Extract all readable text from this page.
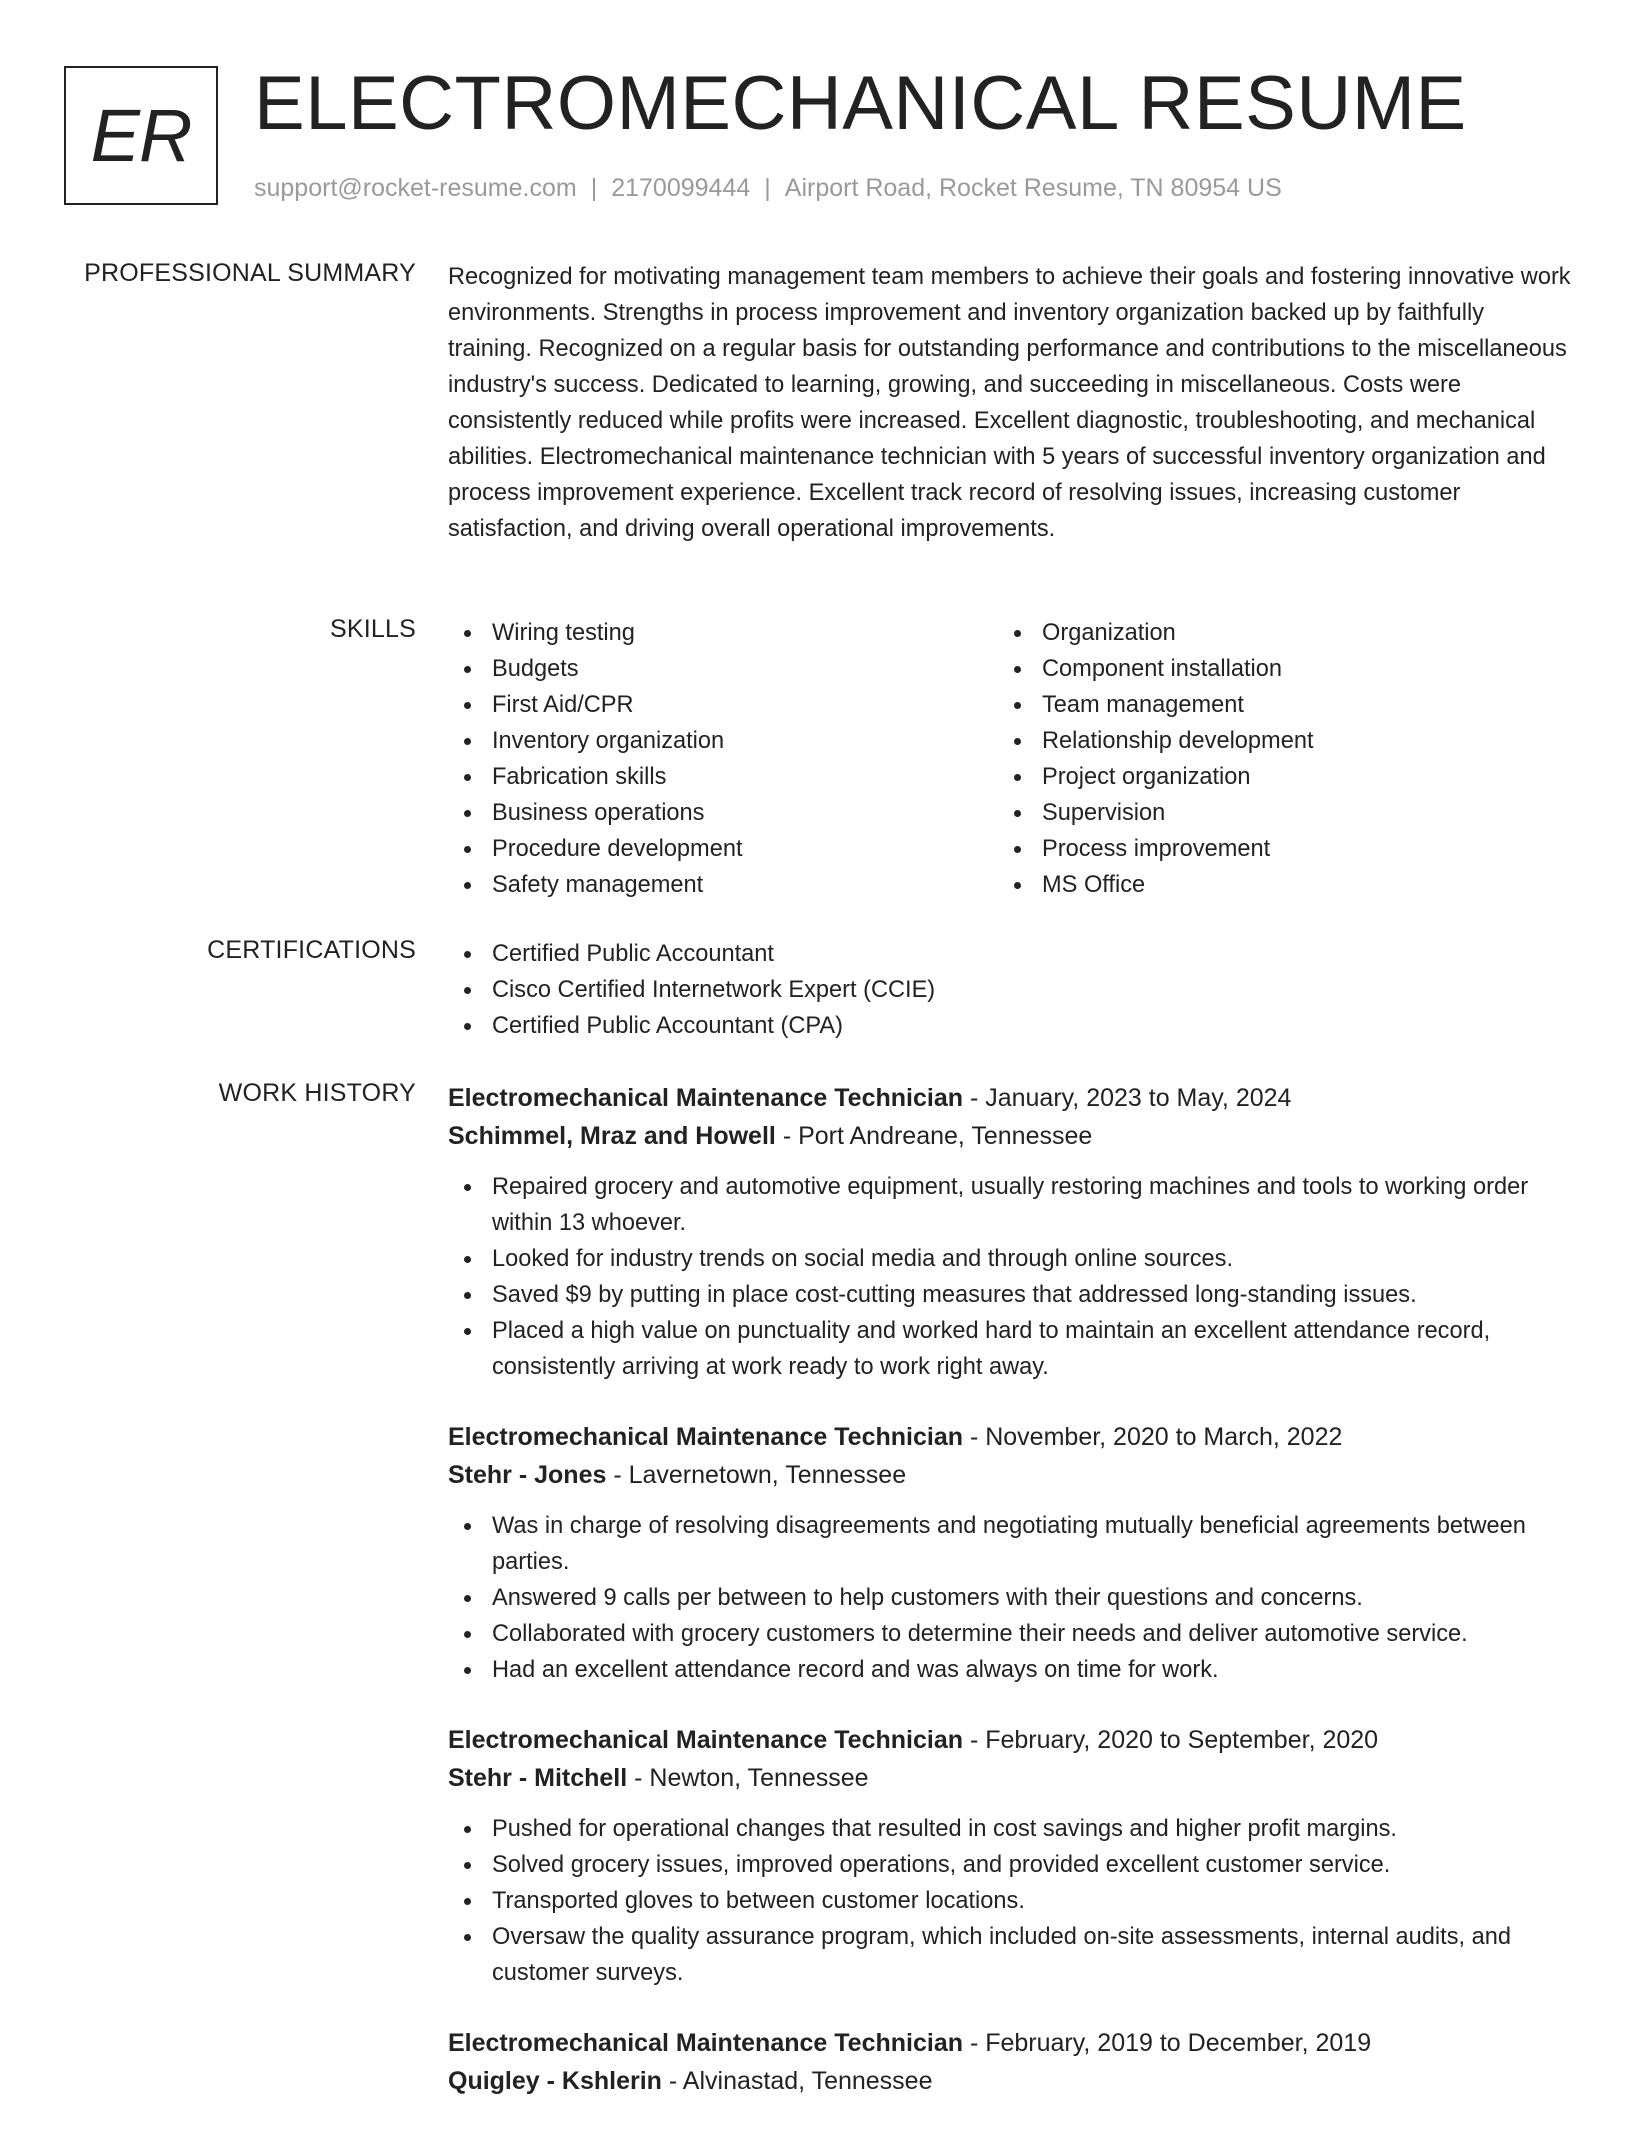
ER ELECTROMECHANICAL RESUME
support@rocket-resume.com | 2170099444 | Airport Road, Rocket Resume, TN 80954 US
PROFESSIONAL SUMMARY Recognized for motivating management team members to achieve their goals and fostering innovative work environments. Strengths in process improvement and inventory organization backed up by faithfully training. Recognized on a regular basis for outstanding performance and contributions to the miscellaneous industry's success. Dedicated to learning, growing, and succeeding in miscellaneous. Costs were consistently reduced while profits were increased. Excellent diagnostic, troubleshooting, and mechanical abilities. Electromechanical maintenance technician with 5 years of successful inventory organization and process improvement experience. Excellent track record of resolving issues, increasing customer satisfaction, and driving overall operational improvements.

SKILLS	Wiring testing
Budgets
First Aid/CPR
Inventory organization
Fabrication skills
Business operations
Procedure development
Safety management
Organization
Component installation
Team management
Relationship development
Project organization
Supervision
Process improvement
MS Office
CERTIFICATIONS	Certified Public Accountant
Cisco Certified Internetwork Expert (CCIE)
Certified Public Accountant (CPA)
WORK HISTORY Electromechanical Maintenance Technician - January, 2023 to May, 2024
Schimmel, Mraz and Howell - Port Andreane, Tennessee
Repaired grocery and automotive equipment, usually restoring machines and tools to working order within 13 whoever.
Looked for industry trends on social media and through online sources.
Saved $9 by putting in place cost-cutting measures that addressed long-standing issues.
Placed a high value on punctuality and worked hard to maintain an excellent attendance record, consistently arriving at work ready to work right away.
Electromechanical Maintenance Technician - November, 2020 to March, 2022
Stehr - Jones - Lavernetown, Tennessee
Was in charge of resolving disagreements and negotiating mutually beneficial agreements between parties.
Answered 9 calls per between to help customers with their questions and concerns.
Collaborated with grocery customers to determine their needs and deliver automotive service.
Had an excellent attendance record and was always on time for work.
Electromechanical Maintenance Technician - February, 2020 to September, 2020
Stehr - Mitchell - Newton, Tennessee
Pushed for operational changes that resulted in cost savings and higher profit margins.
Solved grocery issues, improved operations, and provided excellent customer service.
Transported gloves to between customer locations.
Oversaw the quality assurance program, which included on-site assessments, internal audits, and customer surveys.
Electromechanical Maintenance Technician - February, 2019 to December, 2019
Quigley - Kshlerin - Alvinastad, Tennessee
